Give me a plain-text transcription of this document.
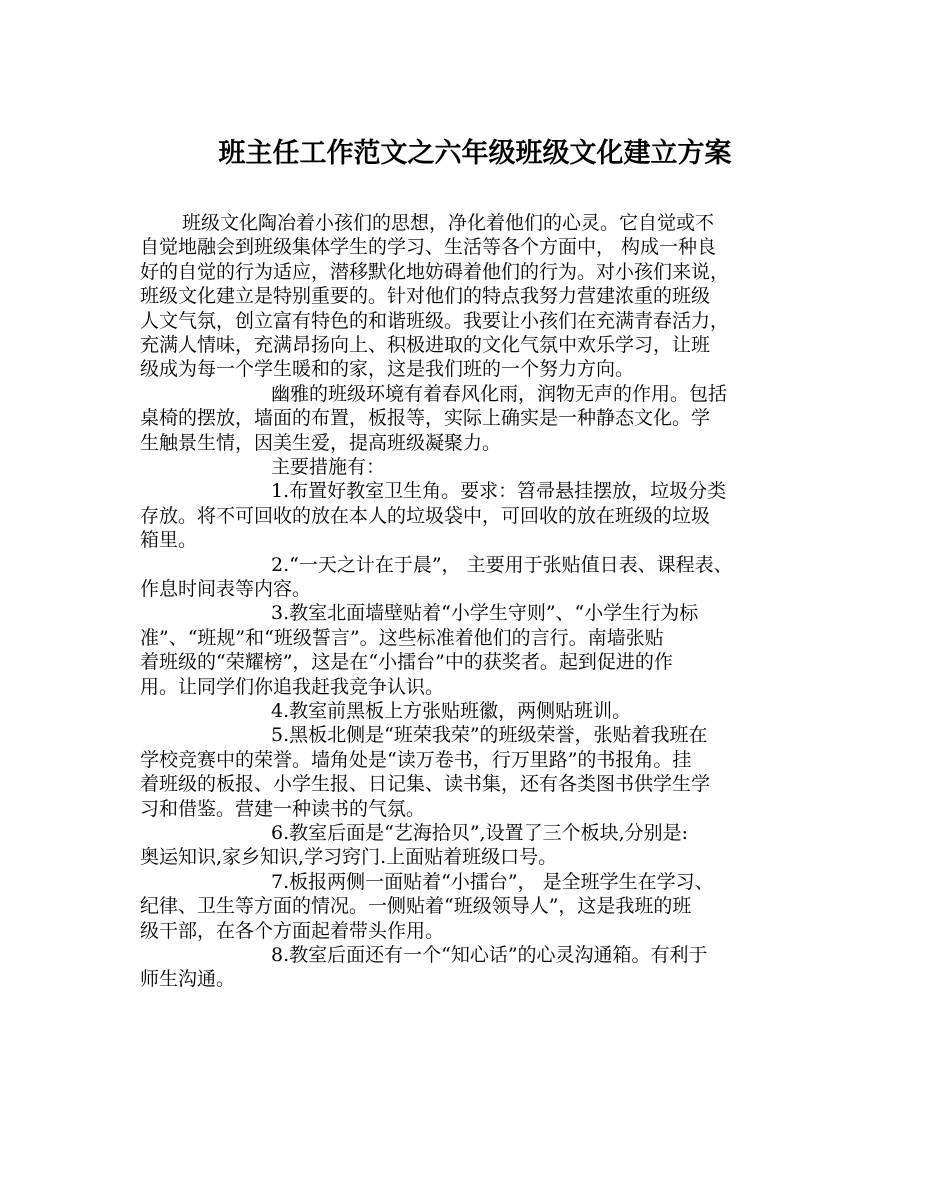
班主任工作范文之六年级班级文化建立方案
班级文化陶冶着小孩们的思想，净化着他们的心灵。它自觉或不
自觉地融会到班级集体学生的学习、生活等各个方面中， 构成一种良
好的自觉的行为适应，潜移默化地妨碍着他们的行为。对小孩们来说，
班级文化建立是特别重要的。针对他们的特点我努力营建浓重的班级
人文气氛，创立富有特色的和谐班级。我要让小孩们在充满青春活力，
充满人情味，充满昂扬向上、积极进取的文化气氛中欢乐学习，让班
级成为每一个学生暖和的家，这是我们班的一个努力方向。
幽雅的班级环境有着春风化雨，润物无声的作用。包括
桌椅的摆放，墙面的布置，板报等，实际上确实是一种静态文化。学
生触景生情，因美生爱，提高班级凝聚力。
主要措施有：
1.布置好教室卫生角。要求：笤帚悬挂摆放，垃圾分类
存放。将不可回收的放在本人的垃圾袋中，可回收的放在班级的垃圾
箱里。
2.“一天之计在于晨”， 主要用于张贴值日表、课程表、
作息时间表等内容。
3.教室北面墙壁贴着“小学生守则”、“小学生行为标
准”、“班规”和“班级誓言”。这些标准着他们的言行。南墙张贴
着班级的“荣耀榜”，这是在“小擂台”中的获奖者。起到促进的作
用。让同学们你追我赶我竞争认识。
4.教室前黑板上方张贴班徽，两侧贴班训。
5.黑板北侧是“班荣我荣”的班级荣誉，张贴着我班在
学校竞赛中的荣誉。墙角处是“读万卷书，行万里路”的书报角。挂
着班级的板报、小学生报、日记集、读书集，还有各类图书供学生学
习和借鉴。营建一种读书的气氛。
6.教室后面是“艺海拾贝”,设置了三个板块,分别是:
奥运知识,家乡知识,学习窍门.上面贴着班级口号。
7.板报两侧一面贴着“小擂台”， 是全班学生在学习、
纪律、卫生等方面的情况。一侧贴着“班级领导人”，这是我班的班
级干部，在各个方面起着带头作用。
8.教室后面还有一个“知心话”的心灵沟通箱。有利于
师生沟通。
